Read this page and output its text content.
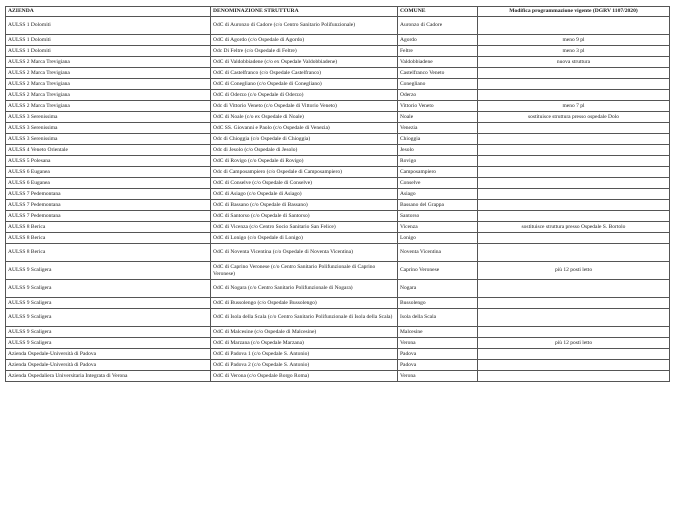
AZIENDA	DENOMINAZIONE STRUTTURA	COMUNE	Modifica programmazione vigente (DGRV 1107/2020)
AULSS 1 Dolomiti	OdC di Auronzo di Cadore (c/o Centro Sanitario Polifunzionale)	Auronzo di Cadore	
AULSS 1 Dolomiti	OdC di Agordo (c/o Ospedale di Agordo)	Agordo	meno 9 pl
AULSS 1 Dolomiti	Odc Di Feltre (c/o Ospedale di Feltre)	Feltre	meno 3 pl
AULSS 2 Marca Trevigiana	OdC di Valdobbiadene (c/o ex Ospedale Valdobbiadene)	Valdobbiadene	nuova struttura
AULSS 2 Marca Trevigiana	OdC di Castelfranco (c/o Ospedale Castelfranco)	Castelfranco Veneto	
AULSS 2 Marca Trevigiana	OdC di Conegliano (c/o Ospedale di Conegliano)	Conegliano	
AULSS 2 Marca Trevigiana	OdC di Oderzo (c/o Ospedale di Oderzo)	Oderzo	
AULSS 2 Marca Trevigiana	Odc di Vittorio Veneto (c/o Ospedale di Vittorio Veneto)	Vittorio Veneto	meno 7 pl
AULSS 3 Serenissima	OdC di Noale (c/o ex Ospedale di Noale)	Noale	sostituisce struttura presso ospedale Dolo
AULSS 3 Serenissima	OdC SS. Giovanni e Paolo (c/o Ospedale di Venezia)	Venezia	
AULSS 3 Serenissima	Odc di Chioggia (c/o Ospedale di Chioggia)	Chioggia	
AULSS 4 Veneto Orientale	Odc di Jesolo (c/o Ospedale di Jesolo)	Jesolo	
AULSS 5 Polesana	OdC di Rovigo (c/o Ospedale di Rovigo)	Rovigo	
AULSS 6 Euganea	Odc di Camposampiero (c/o Ospedale di Camposampiero)	Camposampiero	
AULSS 6 Euganea	OdC di Conselve (c/o Ospedale di Conselve)	Conselve	
AULSS 7 Pedemontana	OdC di Asiago (c/o Ospedale di Asiago)	Asiago	
AULSS 7 Pedemontana	OdC di Bassano (c/o Ospedale di Bassano)	Bassano del Grappa	
AULSS 7 Pedemontana	OdC di Santorso (c/o Ospedale di Santorso)	Santorso	
AULSS 8 Berica	OdC di Vicenza (c/o Centro Socio Sanitario San Felice)	Vicenza	sostituisce struttura presso Ospedale S. Bortolo
AULSS 8 Berica	OdC di Lonigo (c/o Ospedale di Lonigo)	Lonigo	
AULSS 8 Berica	OdC di Noventa Vicentina (c/o Ospedale di Noventa Vicentina)	Noventa Vicentina	
AULSS 9 Scaligera	OdC di Caprino Veronese (c/o Centro Sanitario Polifunzionale di Caprino Veronese)	Caprino Veronese	più 12 posti letto
AULSS 9 Scaligera	OdC di Nogara (c/o Centro Sanitario Polifunzionale di Nogara)	Nogara	
AULSS 9 Scaligera	OdC di Bussolengo (c/o Ospedale Bussolengo)	Bussolengo	
AULSS 9 Scaligera	OdC di Isola della Scala (c/o Centro Sanitario Polifunzionale di Isola della Scala)	Isola della Scala	
AULSS 9 Scaligera	OdC di Malcesine (c/o Ospedale di Malcesine)	Malcesine	
AULSS 9 Scaligera	OdC di Marzana (c/o Ospedale Marzana)	Verona	più 12 posti letto
Azienda Ospedale-Università di Padova	OdC di Padova 1 (c/o Ospedale S. Antonio)	Padova	
Azienda Ospedale-Università di Padova	OdC di Padova 2 (c/o Ospedale S. Antonio)	Padova	
Azienda Ospedaliera Universitaria Integrata di Verona	OdC di Verona (c/o Ospedale Borgo Roma)	Verona	
